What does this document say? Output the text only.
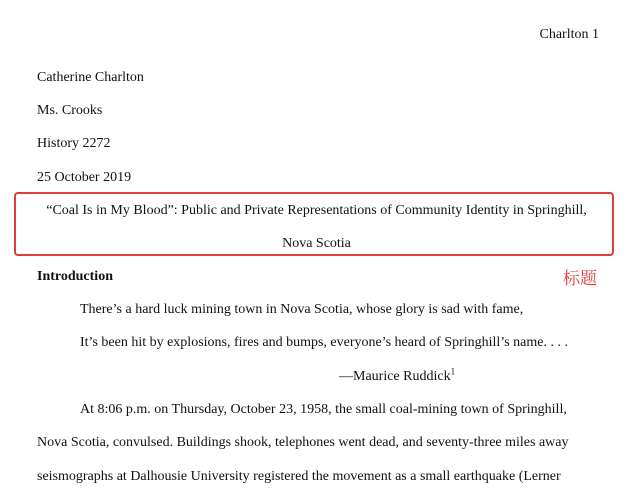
Charlton 1
Catherine Charlton
Ms. Crooks
History 2272
25 October 2019
“Coal Is in My Blood”: Public and Private Representations of Community Identity in Springhill,
Nova Scotia
标题
Introduction
There’s a hard luck mining town in Nova Scotia, whose glory is sad with fame,
It’s been hit by explosions, fires and bumps, everyone’s heard of Springhill’s name. . . .
—Maurice Ruddick$^1$
At 8:06 p.m. on Thursday, October 23, 1958, the small coal-mining town of Springhill,
Nova Scotia, convulsed. Buildings shook, telephones went dead, and seventy-three miles away
seismographs at Dalhousie University registered the movement as a small earthquake (Lerner
